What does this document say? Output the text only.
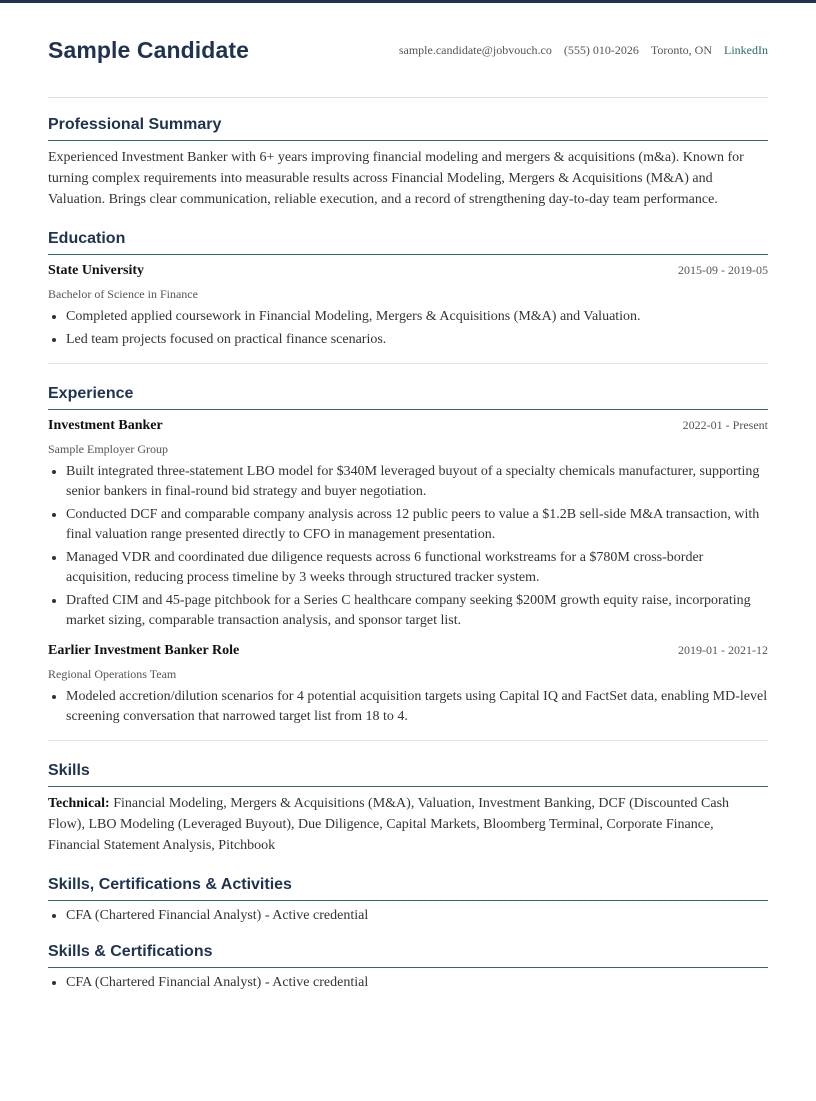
Sample Candidate	sample.candidate@jobvouch.co (555) 010-2026 Toronto, ON LinkedIn
Professional Summary
Experienced Investment Banker with 6+ years improving financial modeling and mergers & acquisitions (m&a). Known for turning complex requirements into measurable results across Financial Modeling, Mergers & Acquisitions (M&A) and Valuation. Brings clear communication, reliable execution, and a record of strengthening day-to-day team performance.
Education
State University	2015-09 - 2019-05
Bachelor of Science in Finance
• Completed applied coursework in Financial Modeling, Mergers & Acquisitions (M&A) and Valuation.
• Led team projects focused on practical finance scenarios.
Experience
Investment Banker	2022-01 - Present
Sample Employer Group
• Built integrated three-statement LBO model for $340M leveraged buyout of a specialty chemicals manufacturer, supporting senior bankers in final-round bid strategy and buyer negotiation.
• Conducted DCF and comparable company analysis across 12 public peers to value a $1.2B sell-side M&A transaction, with final valuation range presented directly to CFO in management presentation.
• Managed VDR and coordinated due diligence requests across 6 functional workstreams for a $780M cross-border acquisition, reducing process timeline by 3 weeks through structured tracker system.
• Drafted CIM and 45-page pitchbook for a Series C healthcare company seeking $200M growth equity raise, incorporating market sizing, comparable transaction analysis, and sponsor target list.
Earlier Investment Banker Role	2019-01 - 2021-12
Regional Operations Team
• Modeled accretion/dilution scenarios for 4 potential acquisition targets using Capital IQ and FactSet data, enabling MD-level screening conversation that narrowed target list from 18 to 4.
Skills
Technical: Financial Modeling, Mergers & Acquisitions (M&A), Valuation, Investment Banking, DCF (Discounted Cash Flow), LBO Modeling (Leveraged Buyout), Due Diligence, Capital Markets, Bloomberg Terminal, Corporate Finance, Financial Statement Analysis, Pitchbook
Skills, Certifications & Activities
• CFA (Chartered Financial Analyst) - Active credential
Skills & Certifications
• CFA (Chartered Financial Analyst) - Active credential
